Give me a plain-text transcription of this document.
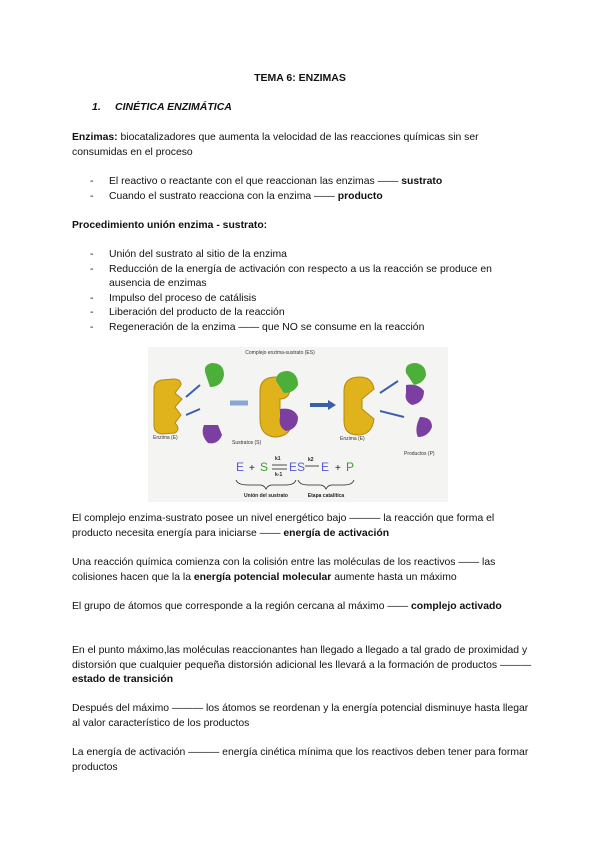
TEMA 6: ENZIMAS
1. CINÉTICA ENZIMÁTICA

Enzimas: biocatalizadores que aumenta la velocidad de las reacciones químicas sin ser consumidas en el proceso

- El reactivo o reactante con el que reaccionan las enzimas —— sustrato
- Cuando el sustrato reacciona con la enzima —— producto

Procedimiento unión enzima - sustrato:

- Unión del sustrato al sitio de la enzima
- Reducción de la energía de activación con respecto a us la reacción se produce en ausencia de enzimas
- Impulso del proceso de catálisis
- Liberación del producto de la reacción
- Regeneración de la enzima —— que NO se consume en la reacción
Complejo enzima-sustrato (ES)
Enzima (E)
Sustratos (S)
Enzima (E)
Productos (P)
E + S ES E + P
k1
k-1
k2
Unión del sustrato	Etapa catalítica

El complejo enzima-sustrato posee un nivel energético bajo ——— la reacción que forma el producto necesita energía para iniciarse —— energía de activación

Una reacción química comienza con la colisión entre las moléculas de los reactivos —— las colisiones hacen que la la energía potencial molecular aumente hasta un máximo

El grupo de átomos que corresponde a la región cercana al máximo —— complejo activado

En el punto máximo,las moléculas reaccionantes han llegado a llegado a tal grado de proximidad y distorsión que cualquier pequeña distorsión adicional les llevará a la formación de productos ——— estado de transición

Después del máximo ——— los átomos se reordenan y la energía potencial disminuye hasta llegar al valor característico de los productos

La energía de activación ——— energía cinética mínima que los reactivos deben tener para formar productos
